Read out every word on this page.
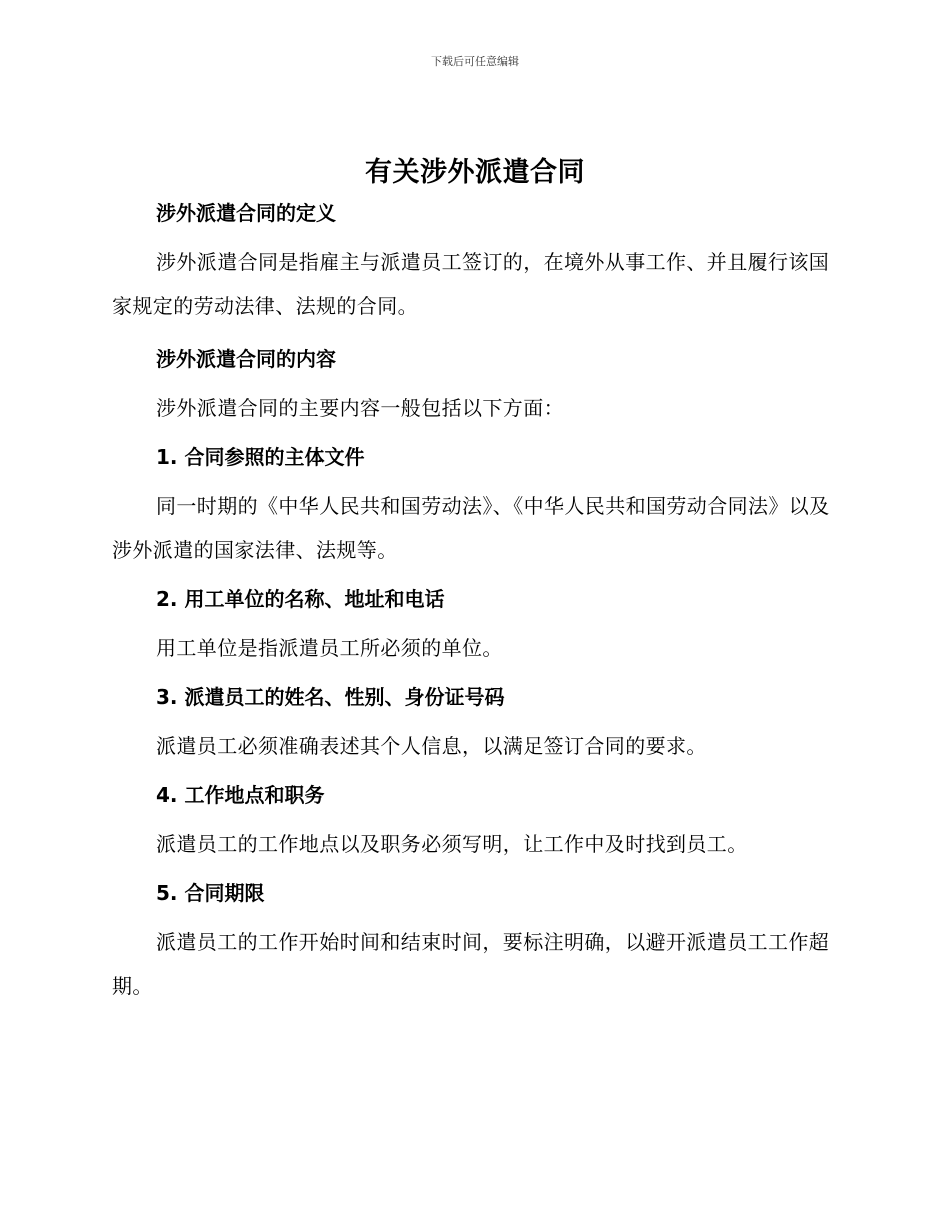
下载后可任意编辑
有关涉外派遣合同

涉外派遣合同的定义

涉外派遣合同是指雇主与派遣员工签订的，在境外从事工作、并且履行该国家规定的劳动法律、法规的合同。

涉外派遣合同的内容

涉外派遣合同的主要内容一般包括以下方面：

1. 合同参照的主体文件

同一时期的《中华人民共和国劳动法》、《中华人民共和国劳动合同法》以及涉外派遣的国家法律、法规等。

2. 用工单位的名称、地址和电话

用工单位是指派遣员工所必须的单位。

3. 派遣员工的姓名、性别、身份证号码

派遣员工必须准确表述其个人信息，以满足签订合同的要求。

4. 工作地点和职务

派遣员工的工作地点以及职务必须写明，让工作中及时找到员工。

5. 合同期限

派遣员工的工作开始时间和结束时间，要标注明确，以避开派遣员工工作超期。
